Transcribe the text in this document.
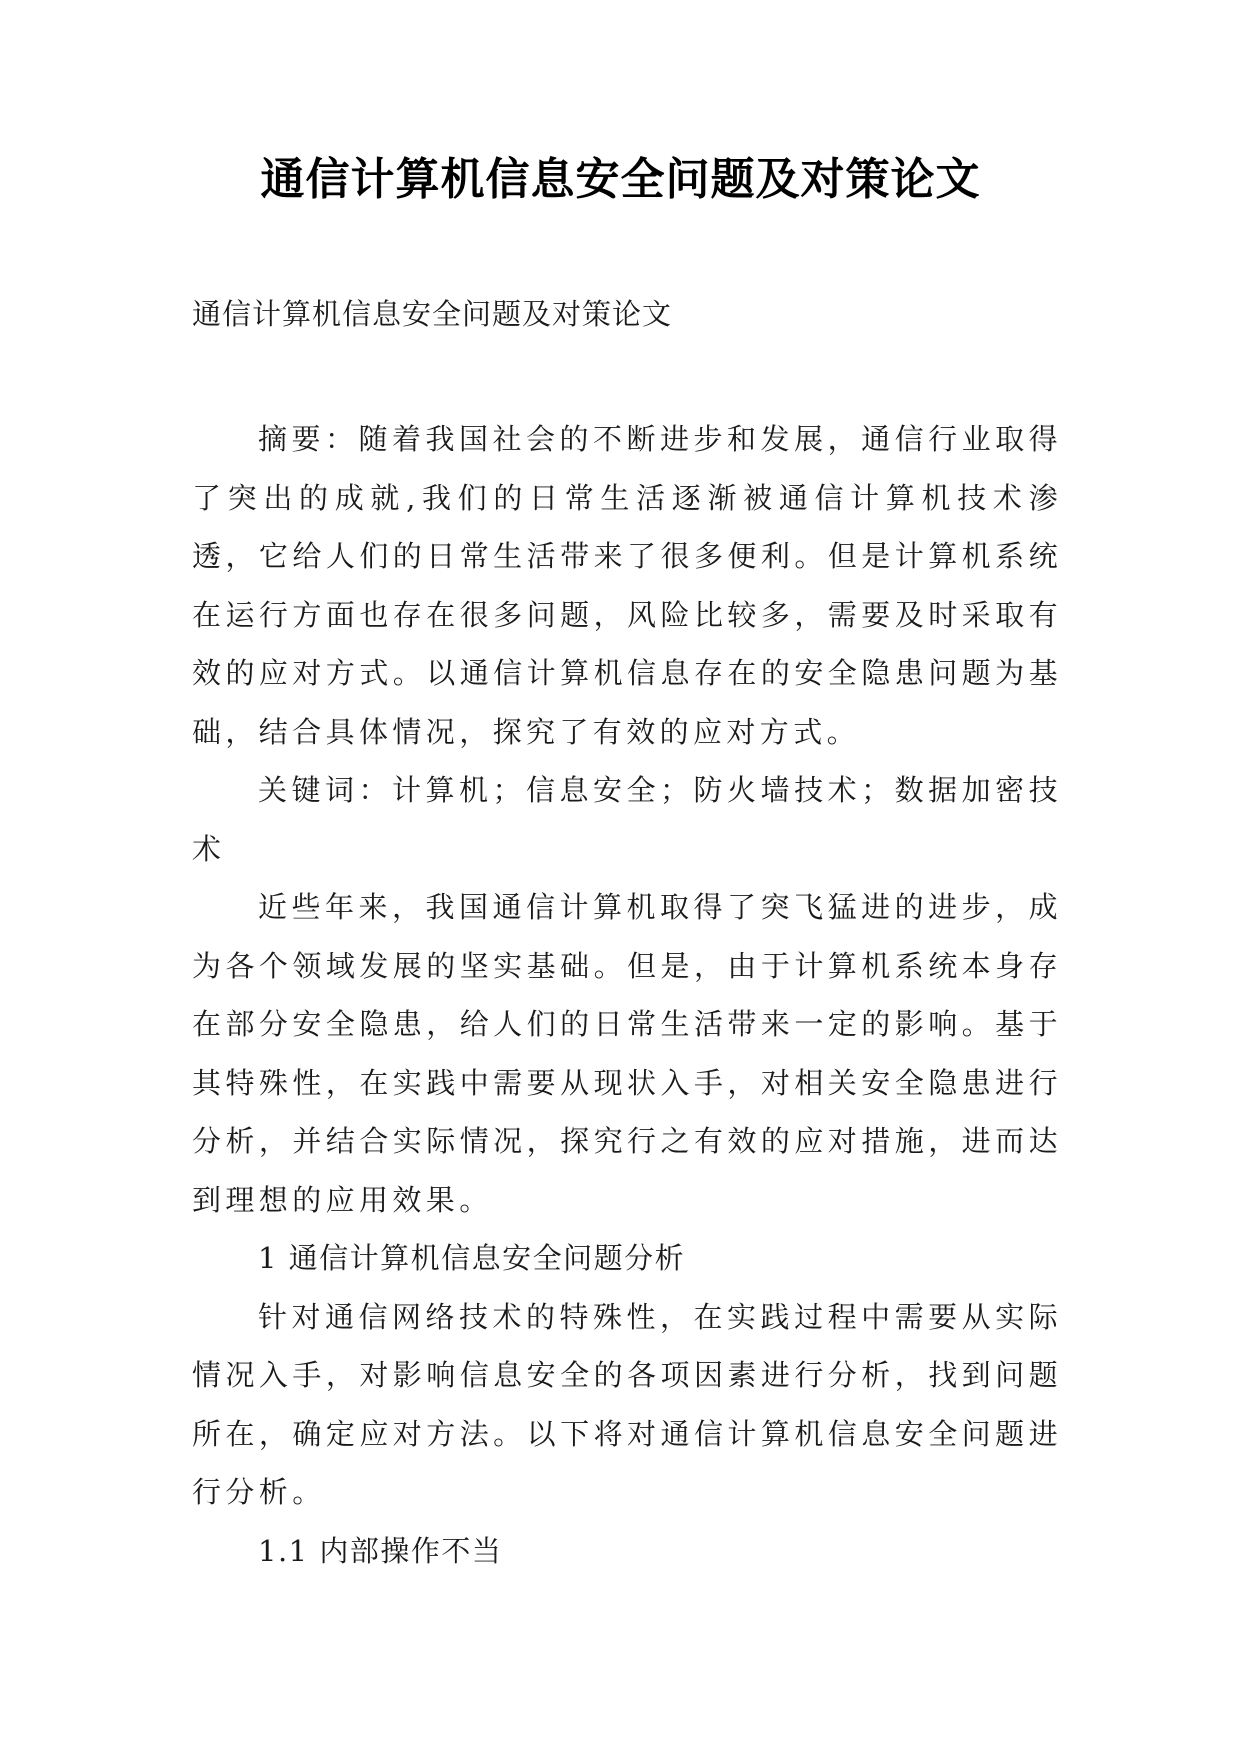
通信计算机信息安全问题及对策论文

通信计算机信息安全问题及对策论文

摘要：随着我国社会的不断进步和发展，通信行业取得了突出的成就,我们的日常生活逐渐被通信计算机技术渗透，它给人们的日常生活带来了很多便利。但是计算机系统在运行方面也存在很多问题，风险比较多，需要及时采取有效的应对方式。以通信计算机信息存在的安全隐患问题为基础，结合具体情况，探究了有效的应对方式。

关键词：计算机；信息安全；防火墙技术；数据加密技术

近些年来，我国通信计算机取得了突飞猛进的进步，成为各个领域发展的坚实基础。但是，由于计算机系统本身存在部分安全隐患，给人们的日常生活带来一定的影响。基于其特殊性，在实践中需要从现状入手，对相关安全隐患进行分析，并结合实际情况，探究行之有效的应对措施，进而达到理想的应用效果。

1 通信计算机信息安全问题分析

针对通信网络技术的特殊性，在实践过程中需要从实际情况入手，对影响信息安全的各项因素进行分析，找到问题所在，确定应对方法。以下将对通信计算机信息安全问题进行分析。

1.1 内部操作不当
